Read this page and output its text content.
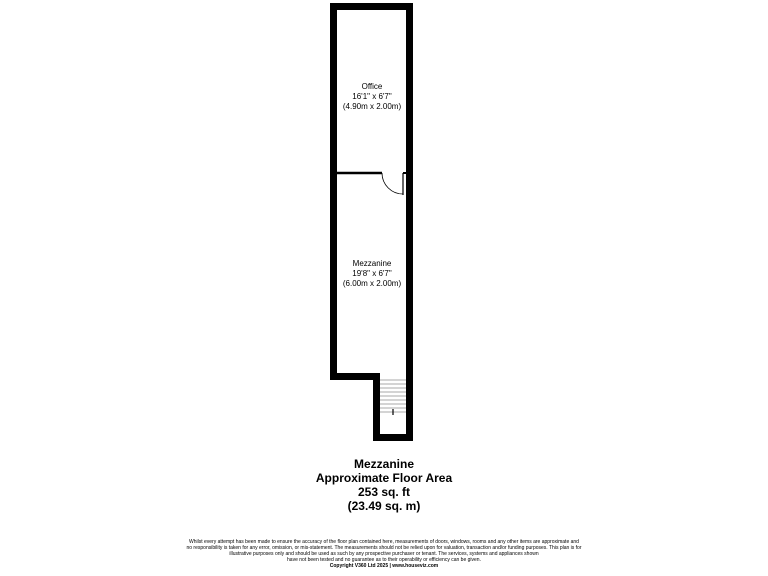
Office
16'1" x 6'7"
(4.90m x 2.00m)
Mezzanine
19'8" x 6'7"
(6.00m x 2.00m)
Mezzanine
Approximate Floor Area
253 sq. ft
(23.49 sq. m)
Whilst every attempt has been made to ensure the accuracy of the floor plan contained here, measurements of doors, windows, rooms and any other items are approximate and
no responsibility is taken for any error, omission, or mis-statement. The measurements should not be relied upon for valuation, transaction and/or funding purposes. This plan is for
illustrative purposes only and should be used as such by any prospective purchaser or tenant. The services, systems and appliances shown
have not been tested and no guarantee as to their operability or efficiency can be given.
Copyright V360 Ltd 2025 | www.houseviz.com
